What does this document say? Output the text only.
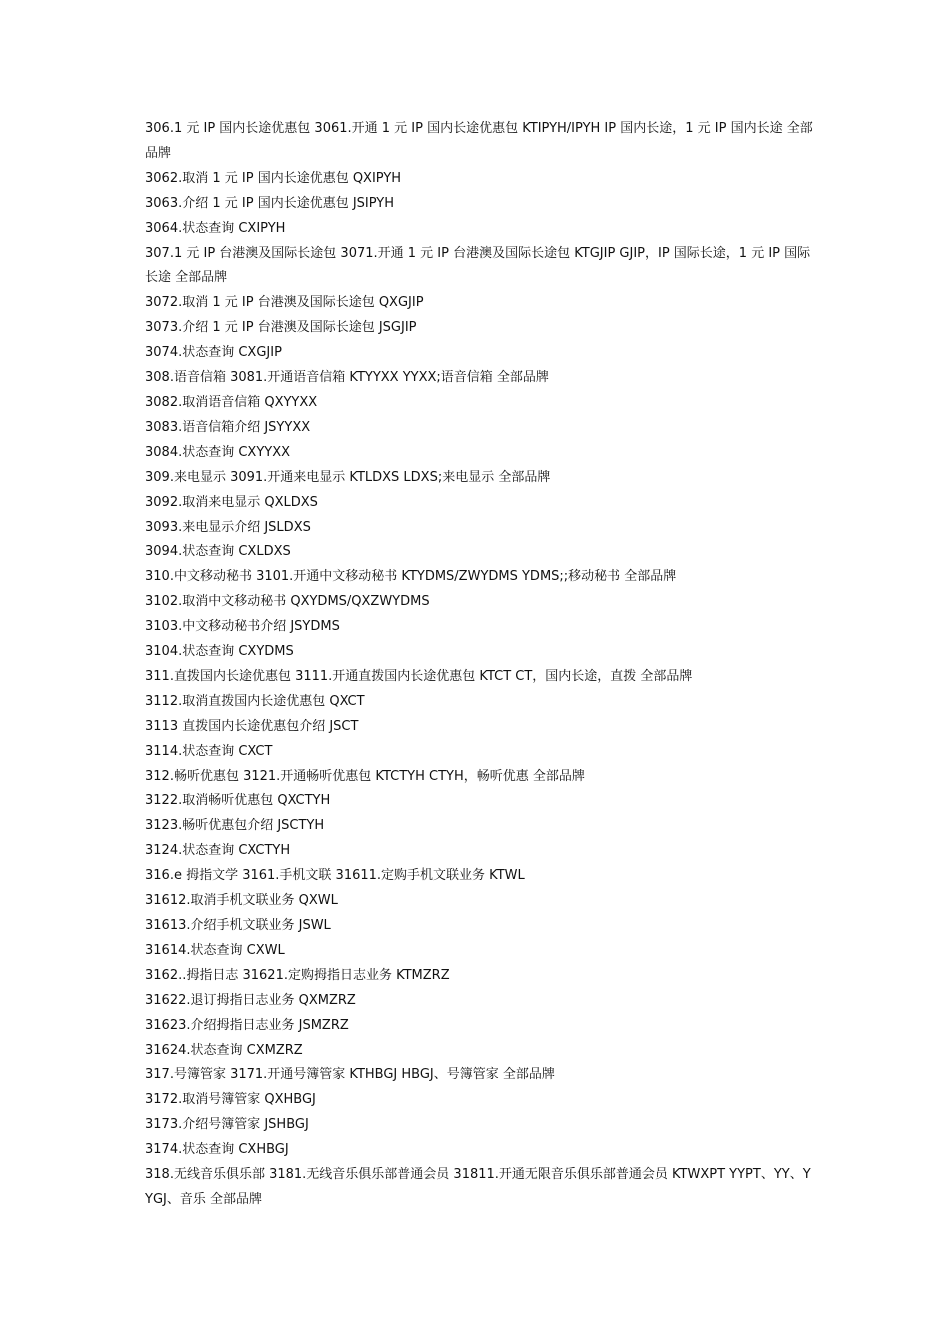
306.1 元 IP 国内长途优惠包 3061.开通 1 元 IP 国内长途优惠包 KTIPYH/IPYH IP 国内长途，1 元 IP 国内长途 全部品牌

3062.取消 1 元 IP 国内长途优惠包 QXIPYH

3063.介绍 1 元 IP 国内长途优惠包 JSIPYH

3064.状态查询 CXIPYH

307.1 元 IP 台港澳及国际长途包 3071.开通 1 元 IP 台港澳及国际长途包 KTGJIP GJIP，IP 国际长途，1 元 IP 国际长途 全部品牌

3072.取消 1 元 IP 台港澳及国际长途包 QXGJIP

3073.介绍 1 元 IP 台港澳及国际长途包 JSGJIP

3074.状态查询 CXGJIP

308.语音信箱 3081.开通语音信箱 KTYYXX YYXX;语音信箱 全部品牌

3082.取消语音信箱 QXYYXX

3083.语音信箱介绍 JSYYXX

3084.状态查询 CXYYXX

309.来电显示 3091.开通来电显示 KTLDXS LDXS;来电显示 全部品牌

3092.取消来电显示 QXLDXS

3093.来电显示介绍 JSLDXS

3094.状态查询 CXLDXS

310.中文移动秘书 3101.开通中文移动秘书 KTYDMS/ZWYDMS YDMS;;移动秘书 全部品牌

3102.取消中文移动秘书 QXYDMS/QXZWYDMS

3103.中文移动秘书介绍 JSYDMS

3104.状态查询 CXYDMS

311.直拨国内长途优惠包 3111.开通直拨国内长途优惠包 KTCT CT，国内长途，直拨 全部品牌

3112.取消直拨国内长途优惠包 QXCT

3113 直拨国内长途优惠包介绍 JSCT

3114.状态查询 CXCT

312.畅听优惠包 3121.开通畅听优惠包 KTCTYH CTYH，畅听优惠 全部品牌

3122.取消畅听优惠包 QXCTYH

3123.畅听优惠包介绍 JSCTYH

3124.状态查询 CXCTYH

316.e 拇指文学 3161.手机文联 31611.定购手机文联业务 KTWL

31612.取消手机文联业务 QXWL

31613.介绍手机文联业务 JSWL

31614.状态查询 CXWL

3162..拇指日志 31621.定购拇指日志业务 KTMZRZ

31622.退订拇指日志业务 QXMZRZ

31623.介绍拇指日志业务 JSMZRZ

31624.状态查询 CXMZRZ

317.号簿管家 3171.开通号簿管家 KTHBGJ HBGJ、号簿管家 全部品牌

3172.取消号簿管家 QXHBGJ

3173.介绍号簿管家 JSHBGJ

3174.状态查询 CXHBGJ

318.无线音乐俱乐部 3181.无线音乐俱乐部普通会员 31811.开通无限音乐俱乐部普通会员 KTWXPT YYPT、YY、YYGJ、音乐 全部品牌
